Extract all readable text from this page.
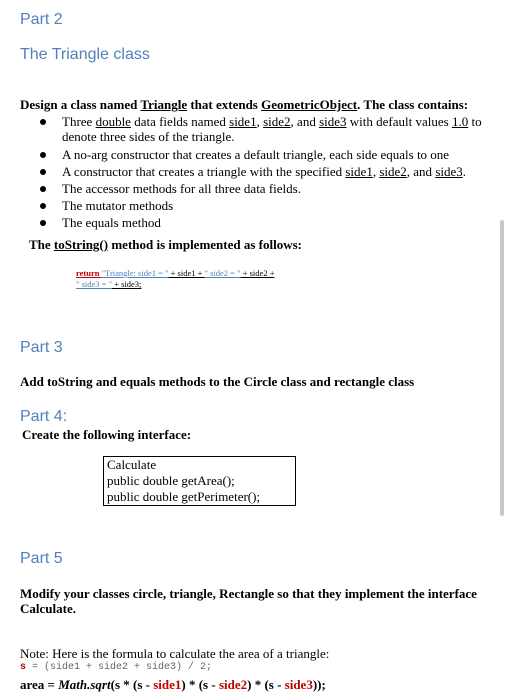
Part 2
The Triangle class
Design a class named Triangle that extends GeometricObject. The class contains:
Three double data fields named side1, side2, and side3 with default values 1.0 to
denote three sides of the triangle.
A no-arg constructor that creates a default triangle, each side equals to one
A constructor that creates a triangle with the specified side1, side2, and side3.
The accessor methods for all three data fields.
The mutator methods
The equals method
The toString() method is implemented as follows:
return "Triangle: side1 = " + side1 + " side2 = " + side2 +
" side3 = " + side3;
Part 3
Add toString and equals methods to the Circle class and rectangle class
Part 4:
Create the following interface:
Calculate
public double getArea();
public double getPerimeter();
Part 5
Modify your classes circle, triangle, Rectangle so that they implement the interface
Calculate.
Note: Here is the formula to calculate the area of a triangle:
s = (side1 + side2 + side3) / 2;
area = Math.sqrt(s * (s - side1) * (s - side2) * (s - side3));
